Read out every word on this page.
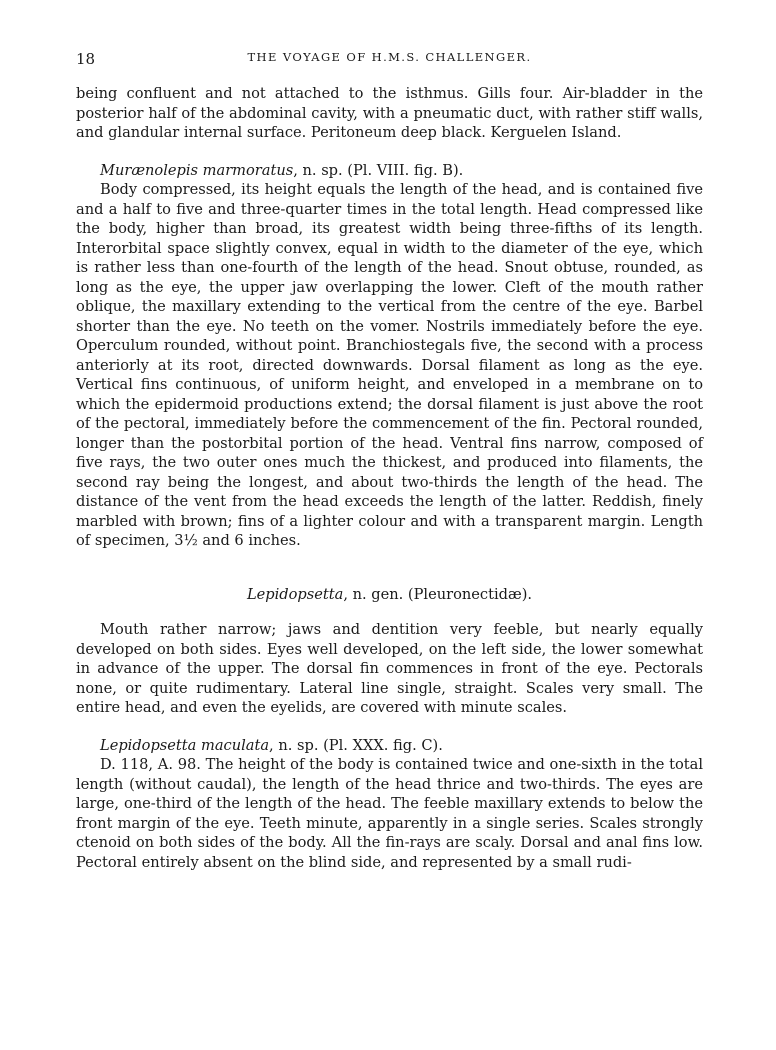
18	THE VOYAGE OF H.M.S. CHALLENGER.

being confluent and not attached to the isthmus. Gills four. Air-bladder in the posterior half of the abdominal cavity, with a pneumatic duct, with rather stiff walls, and glandular internal surface. Peritoneum deep black. Kerguelen Island.

Murænolepis marmoratus, n. sp. (Pl. VIII. fig. B).

Body compressed, its height equals the length of the head, and is contained five and a half to five and three-quarter times in the total length. Head compressed like the body, higher than broad, its greatest width being three-fifths of its length. Interorbital space slightly convex, equal in width to the diameter of the eye, which is rather less than one-fourth of the length of the head. Snout obtuse, rounded, as long as the eye, the upper jaw overlapping the lower. Cleft of the mouth rather oblique, the maxillary extending to the vertical from the centre of the eye. Barbel shorter than the eye. No teeth on the vomer. Nostrils immediately before the eye. Operculum rounded, without point. Branchiostegals five, the second with a process anteriorly at its root, directed downwards. Dorsal filament as long as the eye. Vertical fins continuous, of uniform height, and enveloped in a membrane on to which the epidermoid productions extend; the dorsal filament is just above the root of the pectoral, immediately before the commencement of the fin. Pectoral rounded, longer than the postorbital portion of the head. Ventral fins narrow, composed of five rays, the two outer ones much the thickest, and produced into filaments, the second ray being the longest, and about two-thirds the length of the head. The distance of the vent from the head exceeds the length of the latter. Reddish, finely marbled with brown; fins of a lighter colour and with a transparent margin. Length of specimen, 3½ and 6 inches.

Lepidopsetta, n. gen. (Pleuronectidæ).

Mouth rather narrow; jaws and dentition very feeble, but nearly equally developed on both sides. Eyes well developed, on the left side, the lower somewhat in advance of the upper. The dorsal fin commences in front of the eye. Pectorals none, or quite rudimentary. Lateral line single, straight. Scales very small. The entire head, and even the eyelids, are covered with minute scales.

Lepidopsetta maculata, n. sp. (Pl. XXX. fig. C).

D. 118, A. 98. The height of the body is contained twice and one-sixth in the total length (without caudal), the length of the head thrice and two-thirds. The eyes are large, one-third of the length of the head. The feeble maxillary extends to below the front margin of the eye. Teeth minute, apparently in a single series. Scales strongly ctenoid on both sides of the body. All the fin-rays are scaly. Dorsal and anal fins low. Pectoral entirely absent on the blind side, and represented by a small rudi-
